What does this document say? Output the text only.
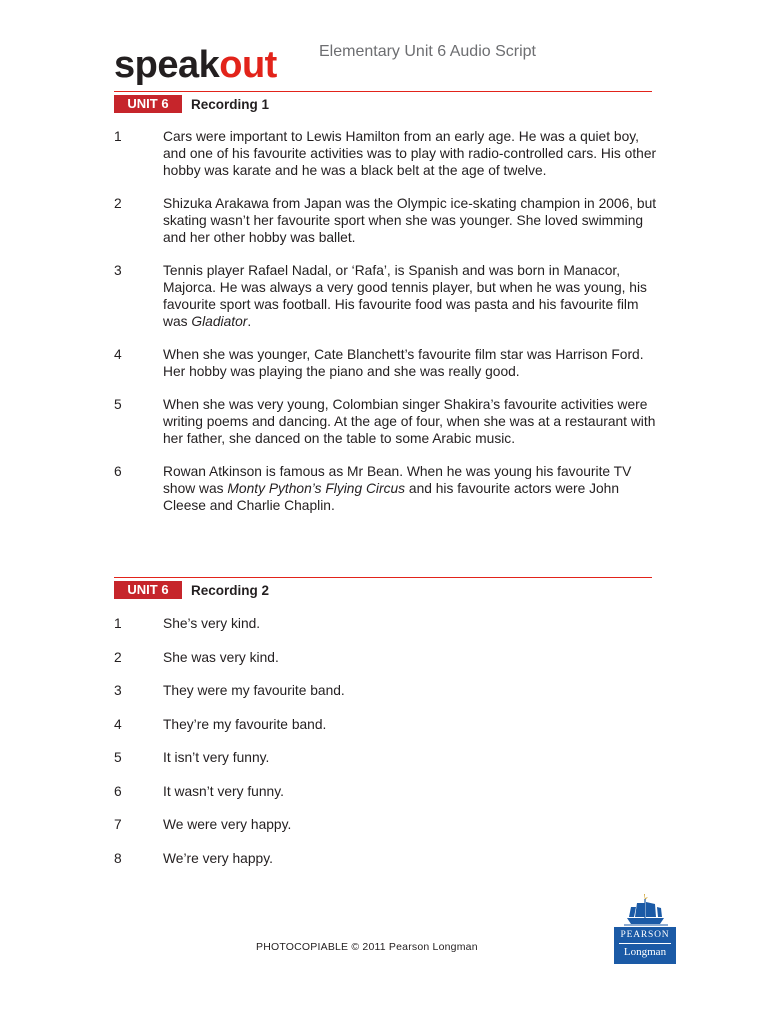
speakout	Elementary Unit 6 Audio Script
UNIT 6	Recording 1
1	Cars were important to Lewis Hamilton from an early age. He was a quiet boy, and one of his favourite activities was to play with radio-controlled cars. His other hobby was karate and he was a black belt at the age of twelve.
2	Shizuka Arakawa from Japan was the Olympic ice-skating champion in 2006, but skating wasn’t her favourite sport when she was younger. She loved swimming and her other hobby was ballet.
3	Tennis player Rafael Nadal, or ‘Rafa’, is Spanish and was born in Manacor, Majorca. He was always a very good tennis player, but when he was young, his favourite sport was football. His favourite food was pasta and his favourite film was Gladiator.
4	When she was younger, Cate Blanchett’s favourite film star was Harrison Ford. Her hobby was playing the piano and she was really good.
5	When she was very young, Colombian singer Shakira’s favourite activities were writing poems and dancing. At the age of four, when she was at a restaurant with her father, she danced on the table to some Arabic music.
6	Rowan Atkinson is famous as Mr Bean. When he was young his favourite TV show was Monty Python’s Flying Circus and his favourite actors were John Cleese and Charlie Chaplin.
UNIT 6	Recording 2
1	She’s very kind.
2	She was very kind.
3	They were my favourite band.
4	They’re my favourite band.
5	It isn’t very funny.
6	It wasn’t very funny.
7	We were very happy.
8	We’re very happy.
PHOTOCOPIABLE © 2011 Pearson Longman
PEARSON
Longman
